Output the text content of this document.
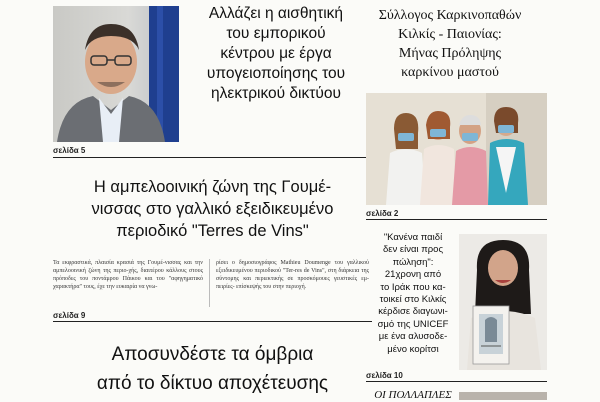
Αλλάζει η αισθητική
του εμπορικού
κέντρου με έργα
υπογειοποίησης του
ηλεκτρικού δικτύου
σελίδα 5
Σύλλογος Καρκινοπαθών
Κιλκίς - Παιονίας:
Μήνας Πρόληψης
καρκίνου μαστού
σελίδα 2
Η αμπελοοινική ζώνη της Γουμέ-
νισσας στο γαλλικό εξειδικευμένο
περιοδικό "Terres de Vins"
Τα εκφραστικά, πλαισία κρασιά της Γουμέ-νισσας και την αμπελοοινική ζώνη της περιο-χής, διαιτέρου κάλλους στους πρόποδες του ποντάμρου Πάικου και του "αφηγηματικό χαρακτήρα" τους, έχε την ευκαιρία να γνω-
ρίσει ο δημοσιογράφος Mathieu Doumenge του γαλλικού εξειδικευμένου περιοδικού "Ter-res de Vins", στη διάρκεια της σύντομης και περιεκτικής σε προσκόμουες γευστικές εμ-πειρίες- επίσκεψής του στην περιοχή.
σελίδα 9
"Κανένα παιδί
δεν είναι προς
πώληση":
21χρονη από
το Ιράκ που κα-
τοικεί στο Κιλκίς
κέρδισε διαγωνι-
σμό της UNICEF
με ένα αλυσοδε-
μένο κορίτσι
σελίδα 10
Αποσυνδέστε τα όμβρια
από το δίκτυο αποχέτευσης
ΟΙ ΠΟΛΛΑΠΛΕΣ
